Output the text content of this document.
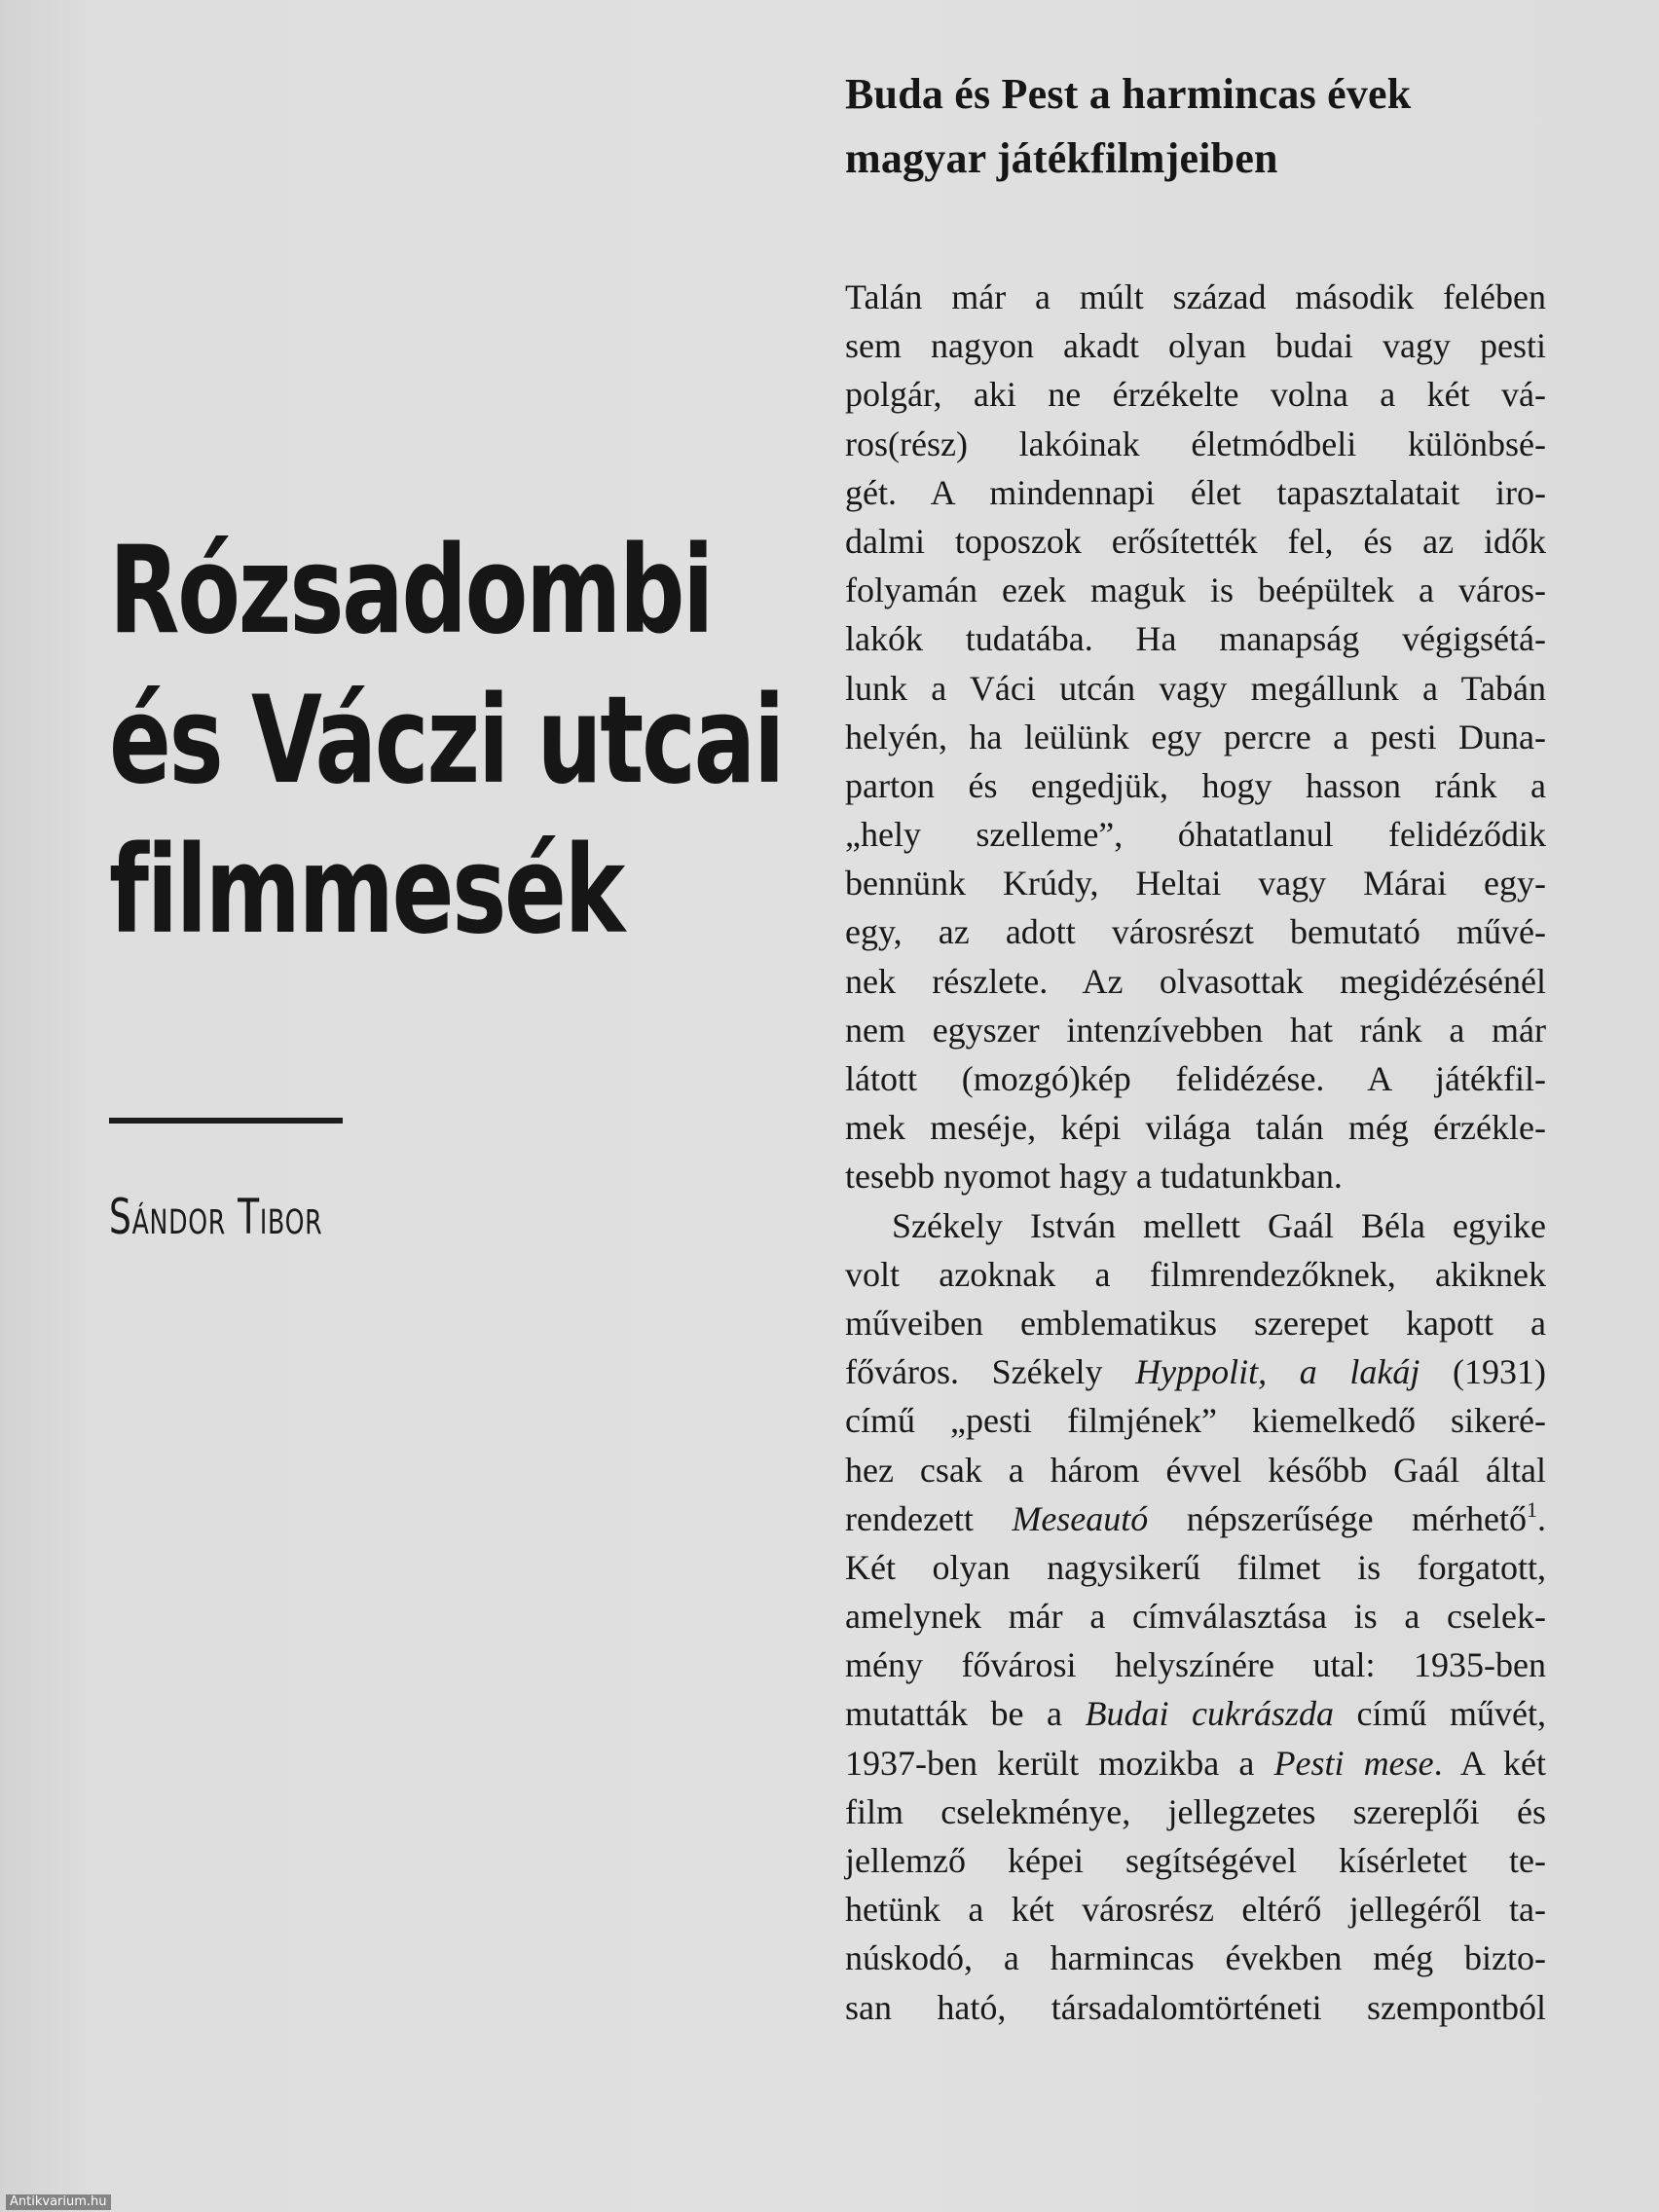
Rózsadombi
és Váczi utcai
filmmesék
Sándor Tibor
Buda és Pest a harmincas évek
magyar játékfilmjeiben
Talán már a múlt század második felében
sem nagyon akadt olyan budai vagy pesti
polgár, aki ne érzékelte volna a két vá-
ros(rész) lakóinak életmódbeli különbsé-
gét. A mindennapi élet tapasztalatait iro-
dalmi toposzok erősítették fel, és az idők
folyamán ezek maguk is beépültek a város-
lakók tudatába. Ha manapság végigsétá-
lunk a Váci utcán vagy megállunk a Tabán
helyén, ha leülünk egy percre a pesti Duna-
parton és engedjük, hogy hasson ránk a
„hely szelleme”, óhatatlanul felidéződik
bennünk Krúdy, Heltai vagy Márai egy-
egy, az adott városrészt bemutató művé-
nek részlete. Az olvasottak megidézésénél
nem egyszer intenzívebben hat ránk a már
látott (mozgó)kép felidézése. A játékfil-
mek meséje, képi világa talán még érzékle-
tesebb nyomot hagy a tudatunkban.
Székely István mellett Gaál Béla egyike
volt azoknak a filmrendezőknek, akiknek
műveiben emblematikus szerepet kapott a
főváros. Székely Hyppolit, a lakáj (1931)
című „pesti filmjének” kiemelkedő sikeré-
hez csak a három évvel később Gaál által
rendezett Meseautó népszerűsége mérhető$^1$.
Két olyan nagysikerű filmet is forgatott,
amelynek már a címválasztása is a cselek-
mény fővárosi helyszínére utal: 1935-ben
mutatták be a Budai cukrászda című művét,
1937-ben került mozikba a Pesti mese. A két
film cselekménye, jellegzetes szereplői és
jellemző képei segítségével kísérletet te-
hetünk a két városrész eltérő jellegéről ta-
núskodó, a harmincas években még bizto-
san ható, társadalomtörténeti szempontból
Antikvarium.hu
